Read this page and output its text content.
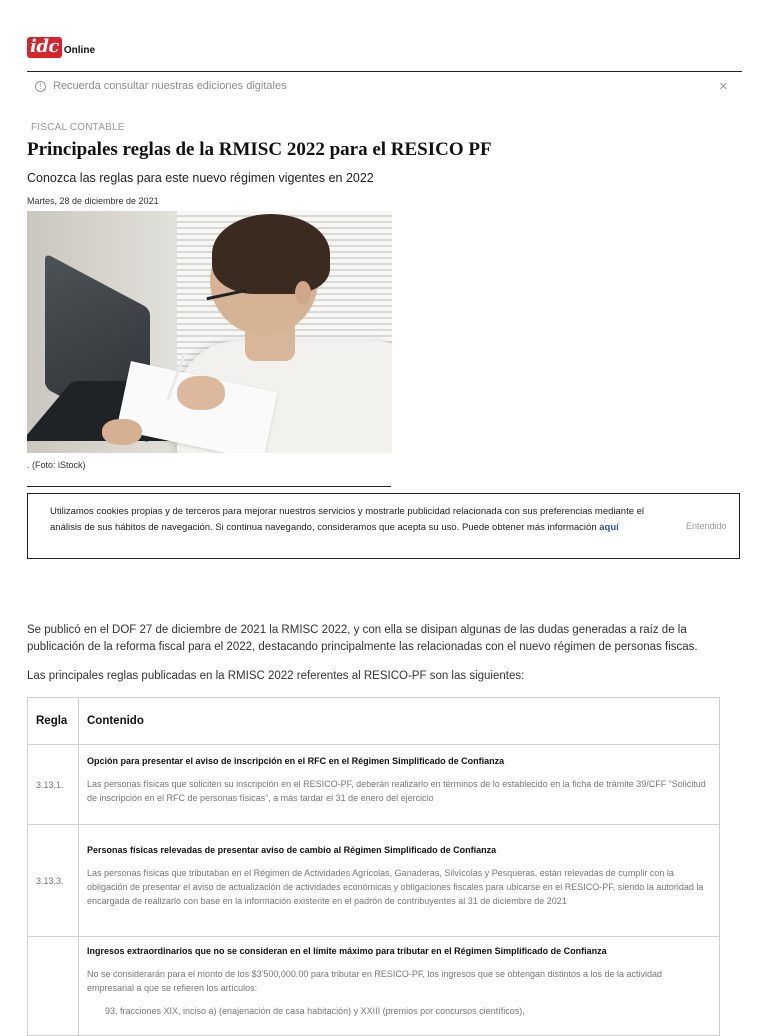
idc Online
!	Recuerda consultar nuestras ediciones digitales	×
FISCAL CONTABLE
Principales reglas de la RMISC 2022 para el RESICO PF
Conozca las reglas para este nuevo régimen vigentes en 2022
Martes, 28 de diciembre de 2021
. (Foto: iStock)
Utilizamos cookies propias y de terceros para mejorar nuestros servicios y mostrarle publicidad relacionada con sus preferencias mediante el análisis de sus hábitos de navegación. Si continua navegando, consideramos que acepta su uso. Puede obtener más información aquí	Entendido

Se publicó en el DOF 27 de diciembre de 2021 la RMISC 2022, y con ella se disipan algunas de las dudas generadas a raíz de la publicación de la reforma fiscal para el 2022, destacando principalmente las relacionadas con el nuevo régimen de personas fiscas.

Las principales reglas publicadas en la RMISC 2022 referentes al RESICO-PF son las siguientes:

Regla	Contenido
3.13.1.	Opción para presentar el aviso de inscripción en el RFC en el Régimen Simplificado de Confianza

Las personas físicas que soliciten su inscripción en el RESICO-PF, deberán realizarlo en términos de lo establecido en la ficha de trámite 39/CFF “Solicitud de inscripción en el RFC de personas físicas”, a más tardar el 31 de enero del ejercicio

3.13.3.	Personas físicas relevadas de presentar aviso de cambio al Régimen Simplificado de Confianza

Las personas físicas que tributaban en el Régimen de Actividades Agrícolas, Ganaderas, Silvícolas y Pesqueras, están relevadas de cumplir con la obligación de presentar el aviso de actualización de actividades económicas y obligaciones fiscales para ubicarse en el RESICO-PF, siendo la autoridad la encargada de realizarlo con base en la información existente en el padrón de contribuyentes al 31 de diciembre de 2021

	Ingresos extraordinarios que no se consideran en el límite máximo para tributar en el Régimen Simplificado de Confianza

No se considerarán para el monto de los $3'500,000.00 para tributar en RESICO-PF, los ingresos que se obtengan distintos a los de la actividad empresarial a que se refieren los artículos:

93, fracciones XIX, inciso a) (enajenación de casa habitación) y XXIII (premios por concursos científicos),
